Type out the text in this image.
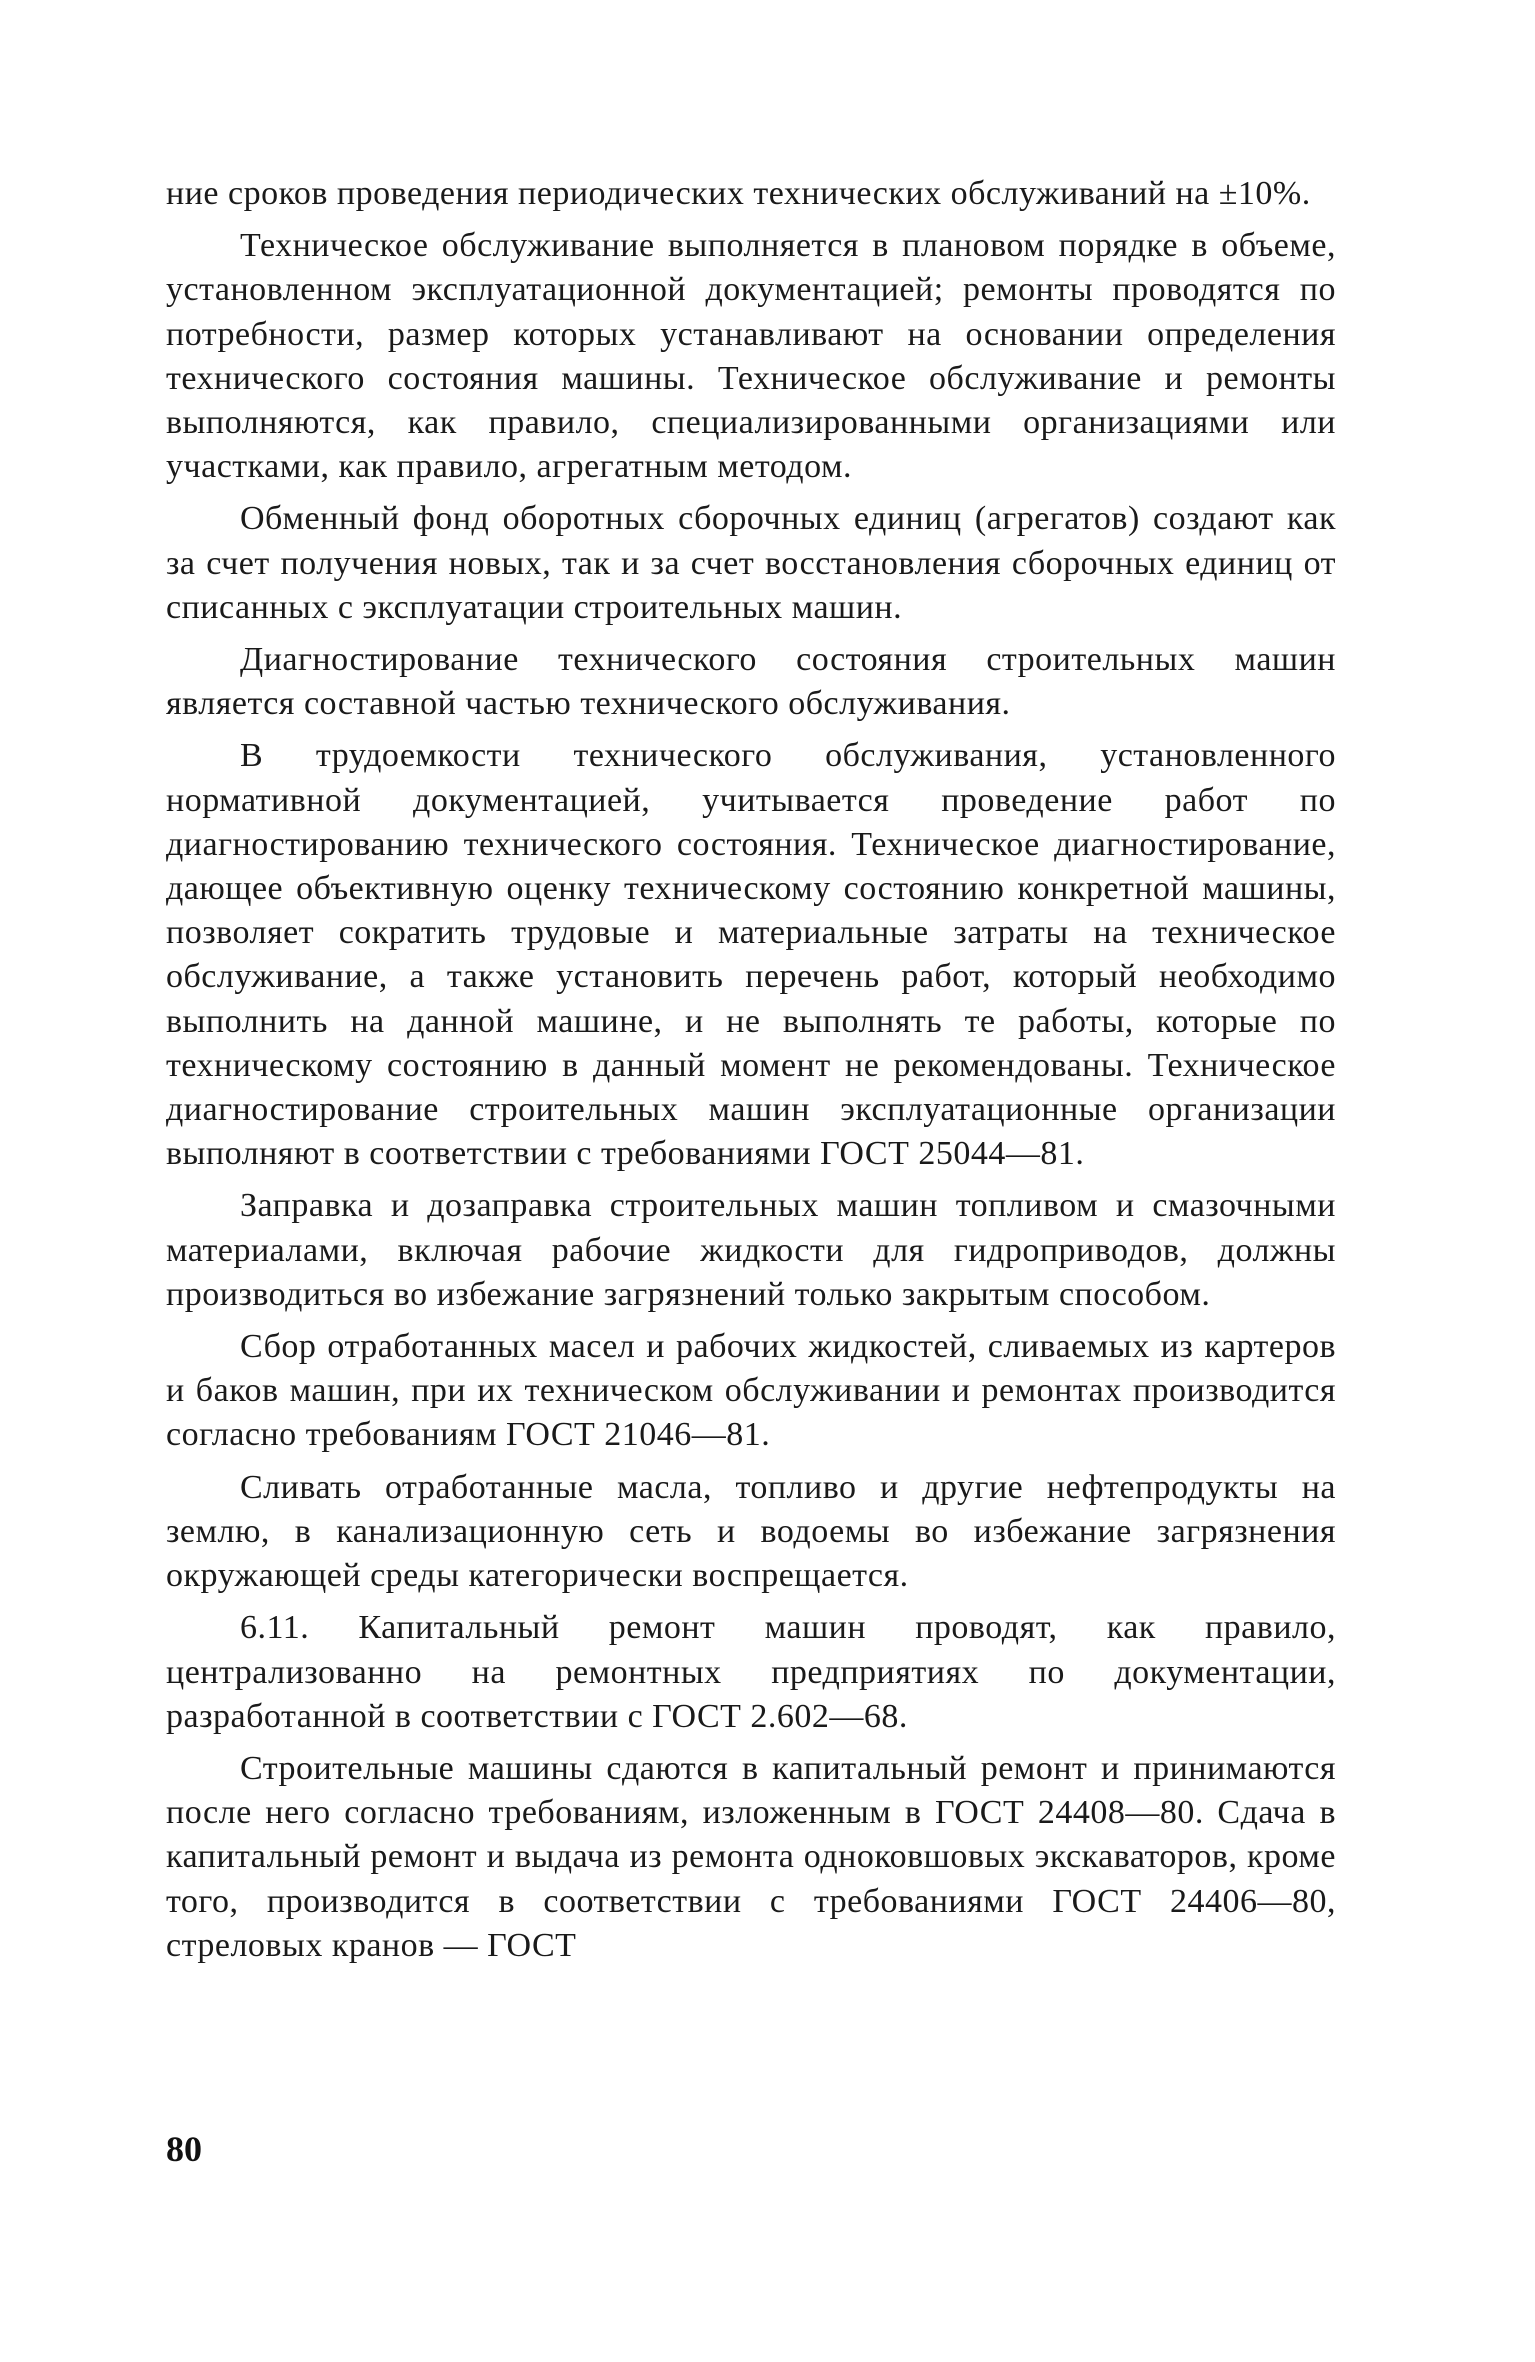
ние сроков проведения периодических технических обслуживаний на ±10%.

Техническое обслуживание выполняется в плановом порядке в объеме, установленном эксплуатационной документацией; ремонты проводятся по потребности, размер которых устанавливают на основании определения технического состояния машины. Техническое обслуживание и ремонты выполняются, как правило, специализированными организациями или участками, как правило, агрегатным методом.

Обменный фонд оборотных сборочных единиц (агрегатов) создают как за счет получения новых, так и за счет восстановления сборочных единиц от списанных с эксплуатации строительных машин.

Диагностирование технического состояния строительных машин является составной частью технического обслуживания.

В трудоемкости технического обслуживания, установленного нормативной документацией, учитывается проведение работ по диагностированию технического состояния. Техническое диагностирование, дающее объективную оценку техническому состоянию конкретной машины, позволяет сократить трудовые и материальные затраты на техническое обслуживание, а также установить перечень работ, который необходимо выполнить на данной машине, и не выполнять те работы, которые по техническому состоянию в данный момент не рекомендованы. Техническое диагностирование строительных машин эксплуатационные организации выполняют в соответствии с требованиями ГОСТ 25044—81.

Заправка и дозаправка строительных машин топливом и смазочными материалами, включая рабочие жидкости для гидроприводов, должны производиться во избежание загрязнений только закрытым способом.

Сбор отработанных масел и рабочих жидкостей, сливаемых из картеров и баков машин, при их техническом обслуживании и ремонтах производится согласно требованиям ГОСТ 21046—81.

Сливать отработанные масла, топливо и другие нефтепродукты на землю, в канализационную сеть и водоемы во избежание загрязнения окружающей среды категорически воспрещается.

6.11. Капитальный ремонт машин проводят, как правило, централизованно на ремонтных предприятиях по документации, разработанной в соответствии с ГОСТ 2.602—68.

Строительные машины сдаются в капитальный ремонт и принимаются после него согласно требованиям, изложенным в ГОСТ 24408—80. Сдача в капитальный ремонт и выдача из ремонта одноковшовых экскаваторов, кроме того, производится в соответствии с требованиями ГОСТ 24406—80, стреловых кранов — ГОСТ

80
